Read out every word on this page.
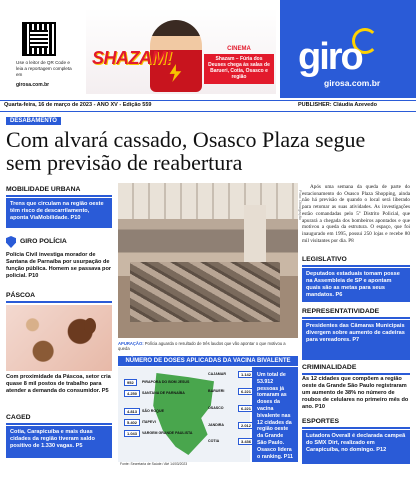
Use o leitor de QR Code e leia a reportagem completa em
girosa.com.br
SHAZAM!	CINEMA
Shazam – Fúria dos Deuses chega às salas de Barueri, Cotia, Osasco e região	giro
girosa.com.br
Quarta-feira, 16 de março de 2023 - ANO XV - Edição 559	PUBLISHER: Cláudia Azevedo
DESABAMENTO
Com alvará cassado, Osasco Plaza segue sem previsão de reabertura
MOBILIDADE URBANA
Trens que circulam na região oeste têm risco de descarrilamento, aponta ViaMobilidade. P10
GIRO POLÍCIA
Polícia Civil investiga morador de Santana de Parnaíba por usurpação de função pública. Homem se passava por policial. P10
PÁSCOA
Com proximidade da Páscoa, setor cria quase 8 mil postos de trabalho para atender a demanda do consumidor. P5
CAGED
Cotia, Carapicuíba e mais duas cidades da região tiveram saldo positivo de 1.330 vagas. P5
Foto: Divulgação
APURAÇÃO: Polícia aguarda o resultado de três laudos que vão apontar o que motivou a queda
Após uma semana da queda de parte do estacionamento do Osasco Plaza Shopping, ainda não há previsão de quando o local será liberado para retomar as suas atividades. As investigações estão comandadas pelo 5º Distrito Policial, que apurará a chegada dos bombeiros apontados e que motivou a queda da estrutura. O espaço, que foi inaugurado em 1995, possui 250 lojas e recebe 80 mil visitantes por dia. P8
NÚMERO DE DOSES APLICADAS DA VACINA BIVALENTE
1.142
CAJAMAR
952	PIRAPORA DO BOM JESUS
4.250	SANTANA DE PARNAÍBA	6.221
BARUERI
6.221
OSASCO
4.813	SÃO ROQUE
2.012
JANDIRA
1.043	VARGEM GRANDE PAULISTA
5.402	ITAPEVI
3.436
COTIA
Um total de 53.912 pessoas já tomaram as doses da vacina bivalente nas 12 cidades da região oeste da Grande São Paulo. Osasco lidera o ranking. P11
Fonte: Secretaria de Saúde / Até 14/03/2023
LEGISLATIVO
Deputados estaduais tomam posse na Assembleia de SP e apontam quais são as metas para seus mandatos. P6
REPRESENTATIVIDADE
Presidentes das Câmaras Municipais divergem sobre aumento de cadeiras para vereadores. P7
CRIMINALIDADE
As 12 cidades que compõem a região oeste da Grande São Paulo registraram um aumento de 38% no número de roubos de celulares no primeiro mês do ano. P10
ESPORTES
Lutadora Overall é declarada campeã do SMX Dirt, realizado em Carapicuíba, no domingo. P12
